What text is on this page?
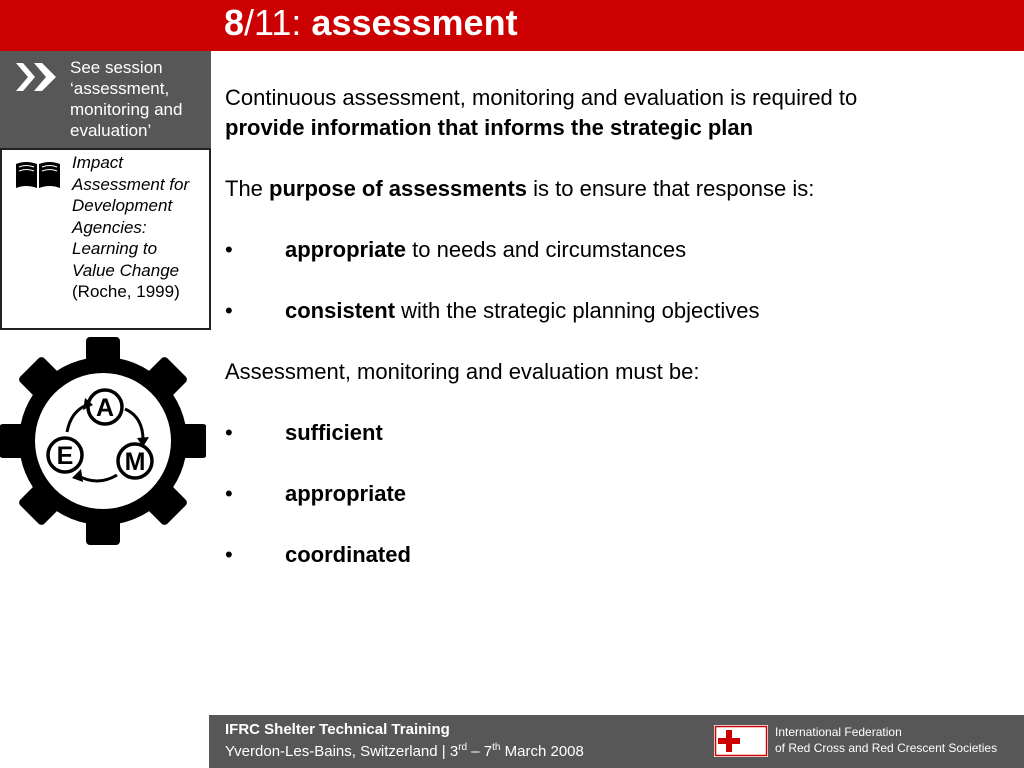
8/11: assessment
See session ‘assessment, monitoring and evaluation’
Impact Assessment for Development Agencies: Learning to Value Change (Roche, 1999)
A
E M

Continuous assessment, monitoring and evaluation is required to
provide information that informs the strategic plan

The purpose of assessments is to ensure that response is:

• appropriate to needs and circumstances
• consistent with the strategic planning objectives

Assessment, monitoring and evaluation must be:

• sufficient
• appropriate
• coordinated
IFRC Shelter Technical Training
Yverdon-Les-Bains, Switzerland | 3rd – 7th March 2008
International Federation
of Red Cross and Red Crescent Societies
